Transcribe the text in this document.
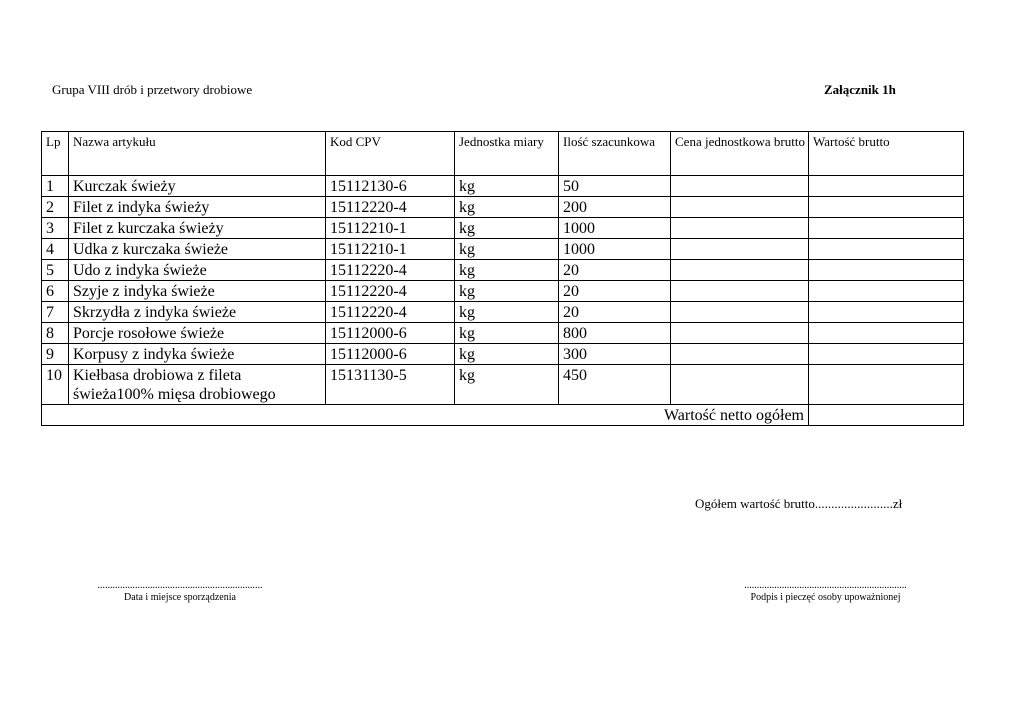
Grupa VIII drób i przetwory drobiowe	Załącznik 1h
Lp	Nazwa artykułu	Kod CPV	Jednostka miary	Ilość szacunkowa	Cena jednostkowa brutto	Wartość brutto
1	Kurczak świeży	15112130-6	kg	50		
2	Filet z indyka świeży	15112220-4	kg	200		
3	Filet z kurczaka świeży	15112210-1	kg	1000		
4	Udka z kurczaka świeże	15112210-1	kg	1000		
5	Udo z indyka świeże	15112220-4	kg	20		
6	Szyje z indyka świeże	15112220-4	kg	20		
7	Skrzydła z indyka świeże	15112220-4	kg	20		
8	Porcje rosołowe świeże	15112000-6	kg	800		
9	Korpusy z indyka świeże	15112000-6	kg	300		
10	Kiełbasa drobiowa z fileta świeża100% mięsa drobiowego	15131130-5	kg	450		
Wartość netto ogółem						
Ogółem wartość brutto........................zł
..................................................................
Data i miejsce sporządzenia
.................................................................
Podpis i pieczęć osoby upoważnionej
